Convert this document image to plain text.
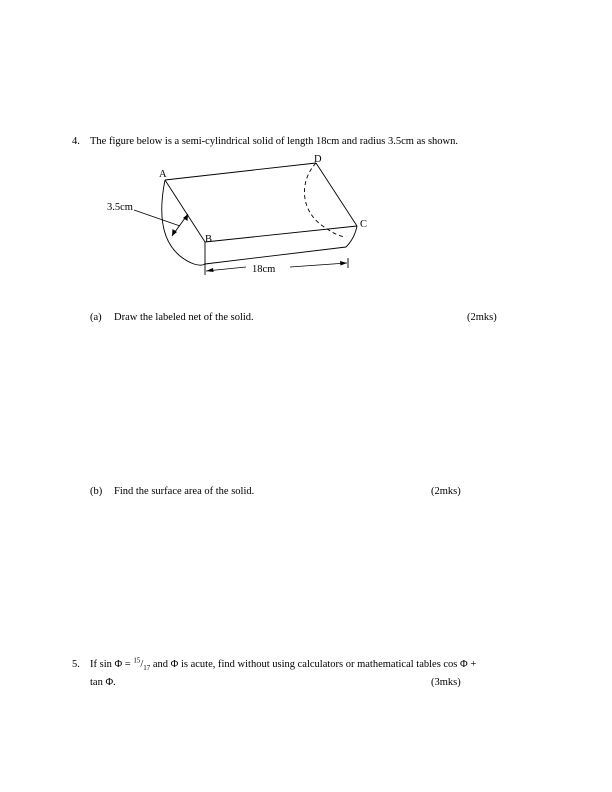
4. The figure below is a semi-cylindrical solid of length 18cm and radius 3.5cm as shown.
3.5cm
A
B
C
D
18cm
(a) Draw the labeled net of the solid.	(2mks)
(b) Find the surface area of the solid.	(2mks)
5. If $\sin \Phi = ^{15}/_{17}$ and Φ is acute, find without using calculators or mathematical tables cos Φ +
tan Φ.	(3mks)
